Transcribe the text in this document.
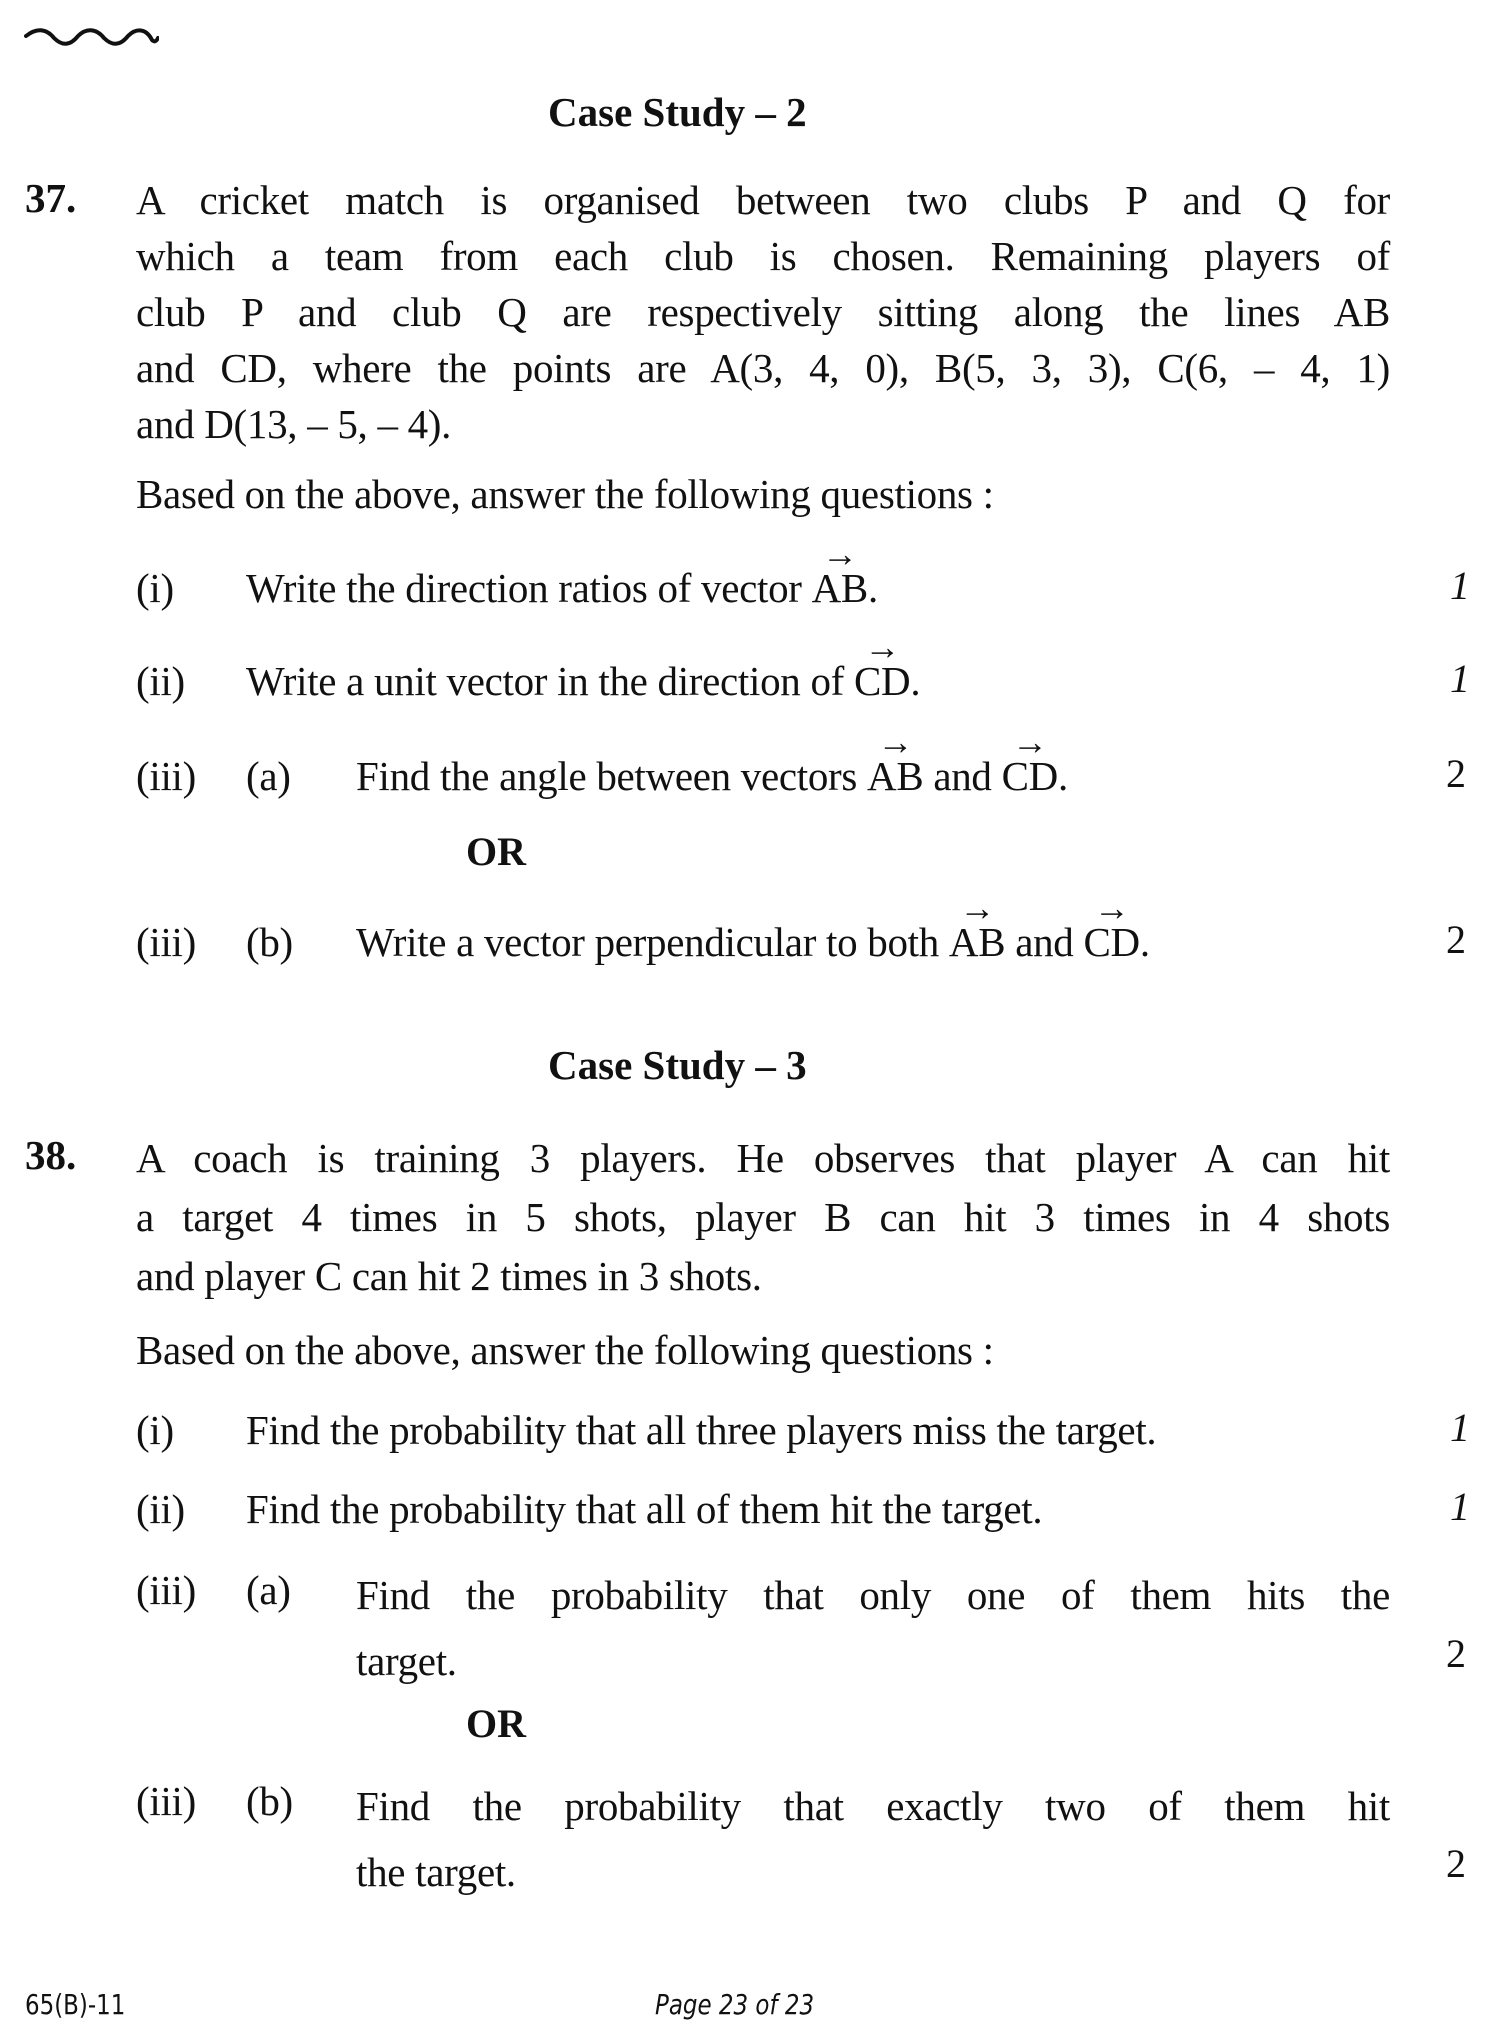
Case Study – 2
37. A cricket match is organised between two clubs P and Q for
which a team from each club is chosen. Remaining players of
club P and club Q are respectively sitting along the lines AB
and CD, where the points are A(3, 4, 0), B(5, 3, 3), C(6, – 4, 1)
and D(13, – 5, – 4).
Based on the above, answer the following questions :
(i) Write the direction ratios of vector → AB.	1
(ii) Write a unit vector in the direction of → CD.	1
(iii) (a) Find the angle between vectors → AB and → CD.	2
OR
(iii) (b) Write a vector perpendicular to both → AB and → CD.	2
Case Study – 3
38. A coach is training 3 players. He observes that player A can hit
a target 4 times in 5 shots, player B can hit 3 times in 4 shots
and player C can hit 2 times in 3 shots.
Based on the above, answer the following questions :
(i) Find the probability that all three players miss the target.	1
(ii) Find the probability that all of them hit the target.	1
(iii) (a) Find the probability that only one of them hits the
target.	2
OR
(iii) (b) Find the probability that exactly two of them hit
the target.	2
65(B)-11	Page 23 of 23
